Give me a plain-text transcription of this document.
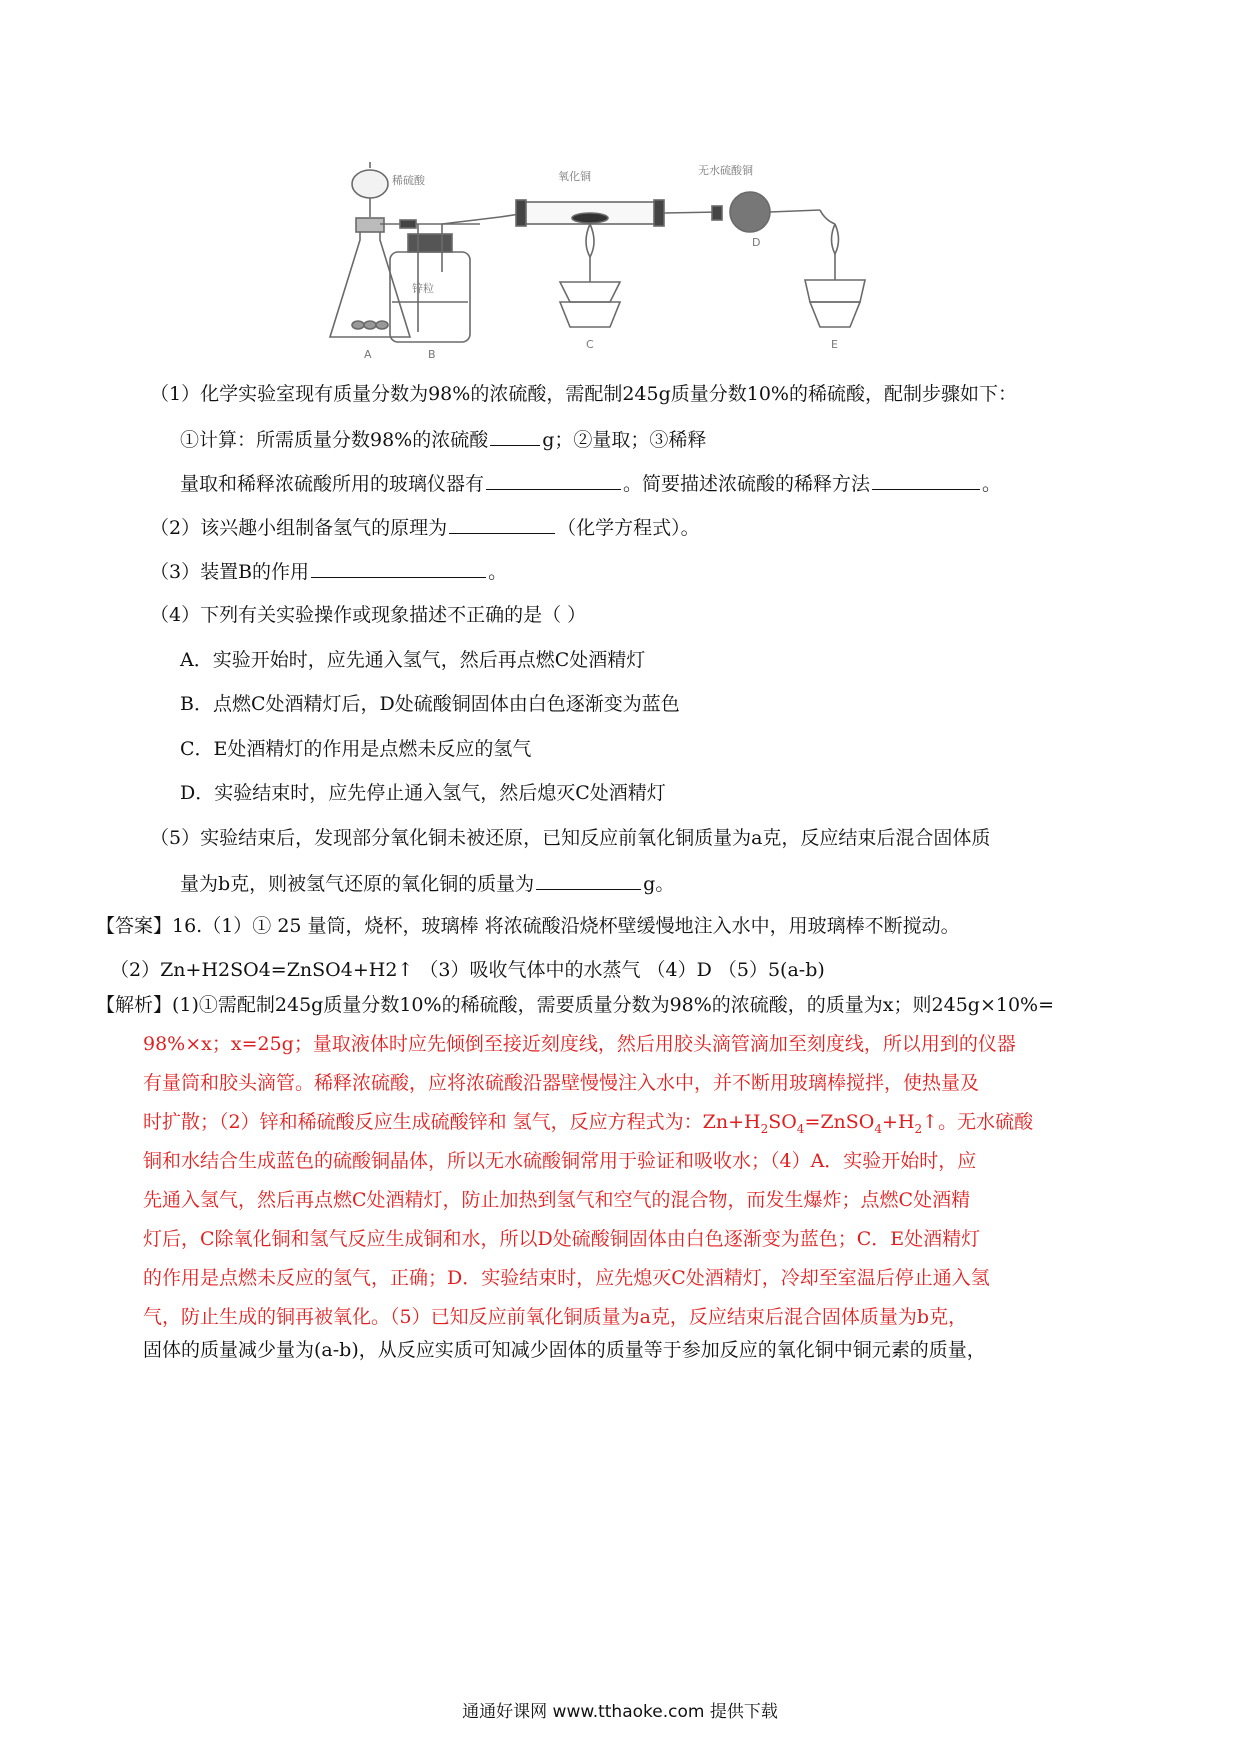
稀硫酸
锌粒
氧化铜	无水硫酸铜
A	B
C
D
E
（1）化学实验室现有质量分数为98%的浓硫酸，需配制245g质量分数10%的稀硫酸，配制步骤如下：
①计算：所需质量分数98%的浓硫酸	g；②量取；③稀释
量取和稀释浓硫酸所用的玻璃仪器有	。简要描述浓硫酸的稀释方法	。
（2）该兴趣小组制备氢气的原理为	（化学方程式）。
（3）装置B的作用	。
（4）下列有关实验操作或现象描述不正确的是（ ）
A．实验开始时，应先通入氢气，然后再点燃C处酒精灯
B．点燃C处酒精灯后，D处硫酸铜固体由白色逐渐变为蓝色
C．E处酒精灯的作用是点燃未反应的氢气
D．实验结束时，应先停止通入氢气，然后熄灭C处酒精灯
（5）实验结束后，发现部分氧化铜未被还原，已知反应前氧化铜质量为a克，反应结束后混合固体质
量为b克，则被氢气还原的氧化铜的质量为	g。
【答案】16.（1）① 25 量筒，烧杯，玻璃棒 将浓硫酸沿烧杯壁缓慢地注入水中，用玻璃棒不断搅动。
（2）Zn+H2SO4=ZnSO4+H2↑ （3）吸收气体中的水蒸气 （4）D （5）5(a-b)
【解析】(1)①需配制245g质量分数10%的稀硫酸，需要质量分数为98%的浓硫酸，的质量为x；则245g×10%=
98%×x；x=25g；量取液体时应先倾倒至接近刻度线，然后用胶头滴管滴加至刻度线，所以用到的仪器
有量筒和胶头滴管。稀释浓硫酸，应将浓硫酸沿器壁慢慢注入水中，并不断用玻璃棒搅拌，使热量及
时扩散；（2）锌和稀硫酸反应生成硫酸锌和 氢气，反应方程式为：$Zn+H_2SO_4=ZnSO_4+H_2↑$。无水硫酸
铜和水结合生成蓝色的硫酸铜晶体，所以无水硫酸铜常用于验证和吸收水；（4）A．实验开始时，应
先通入氢气，然后再点燃C处酒精灯，防止加热到氢气和空气的混合物，而发生爆炸；点燃C处酒精
灯后，C除氧化铜和氢气反应生成铜和水，所以D处硫酸铜固体由白色逐渐变为蓝色；C．E处酒精灯
的作用是点燃未反应的氢气，正确；D．实验结束时，应先熄灭C处酒精灯，冷却至室温后停止通入氢
气，防止生成的铜再被氧化。（5）已知反应前氧化铜质量为a克，反应结束后混合固体质量为b克，
固体的质量减少量为(a-b)，从反应实质可知减少固体的质量等于参加反应的氧化铜中铜元素的质量，
通通好课网 www.tthaoke.com 提供下载
